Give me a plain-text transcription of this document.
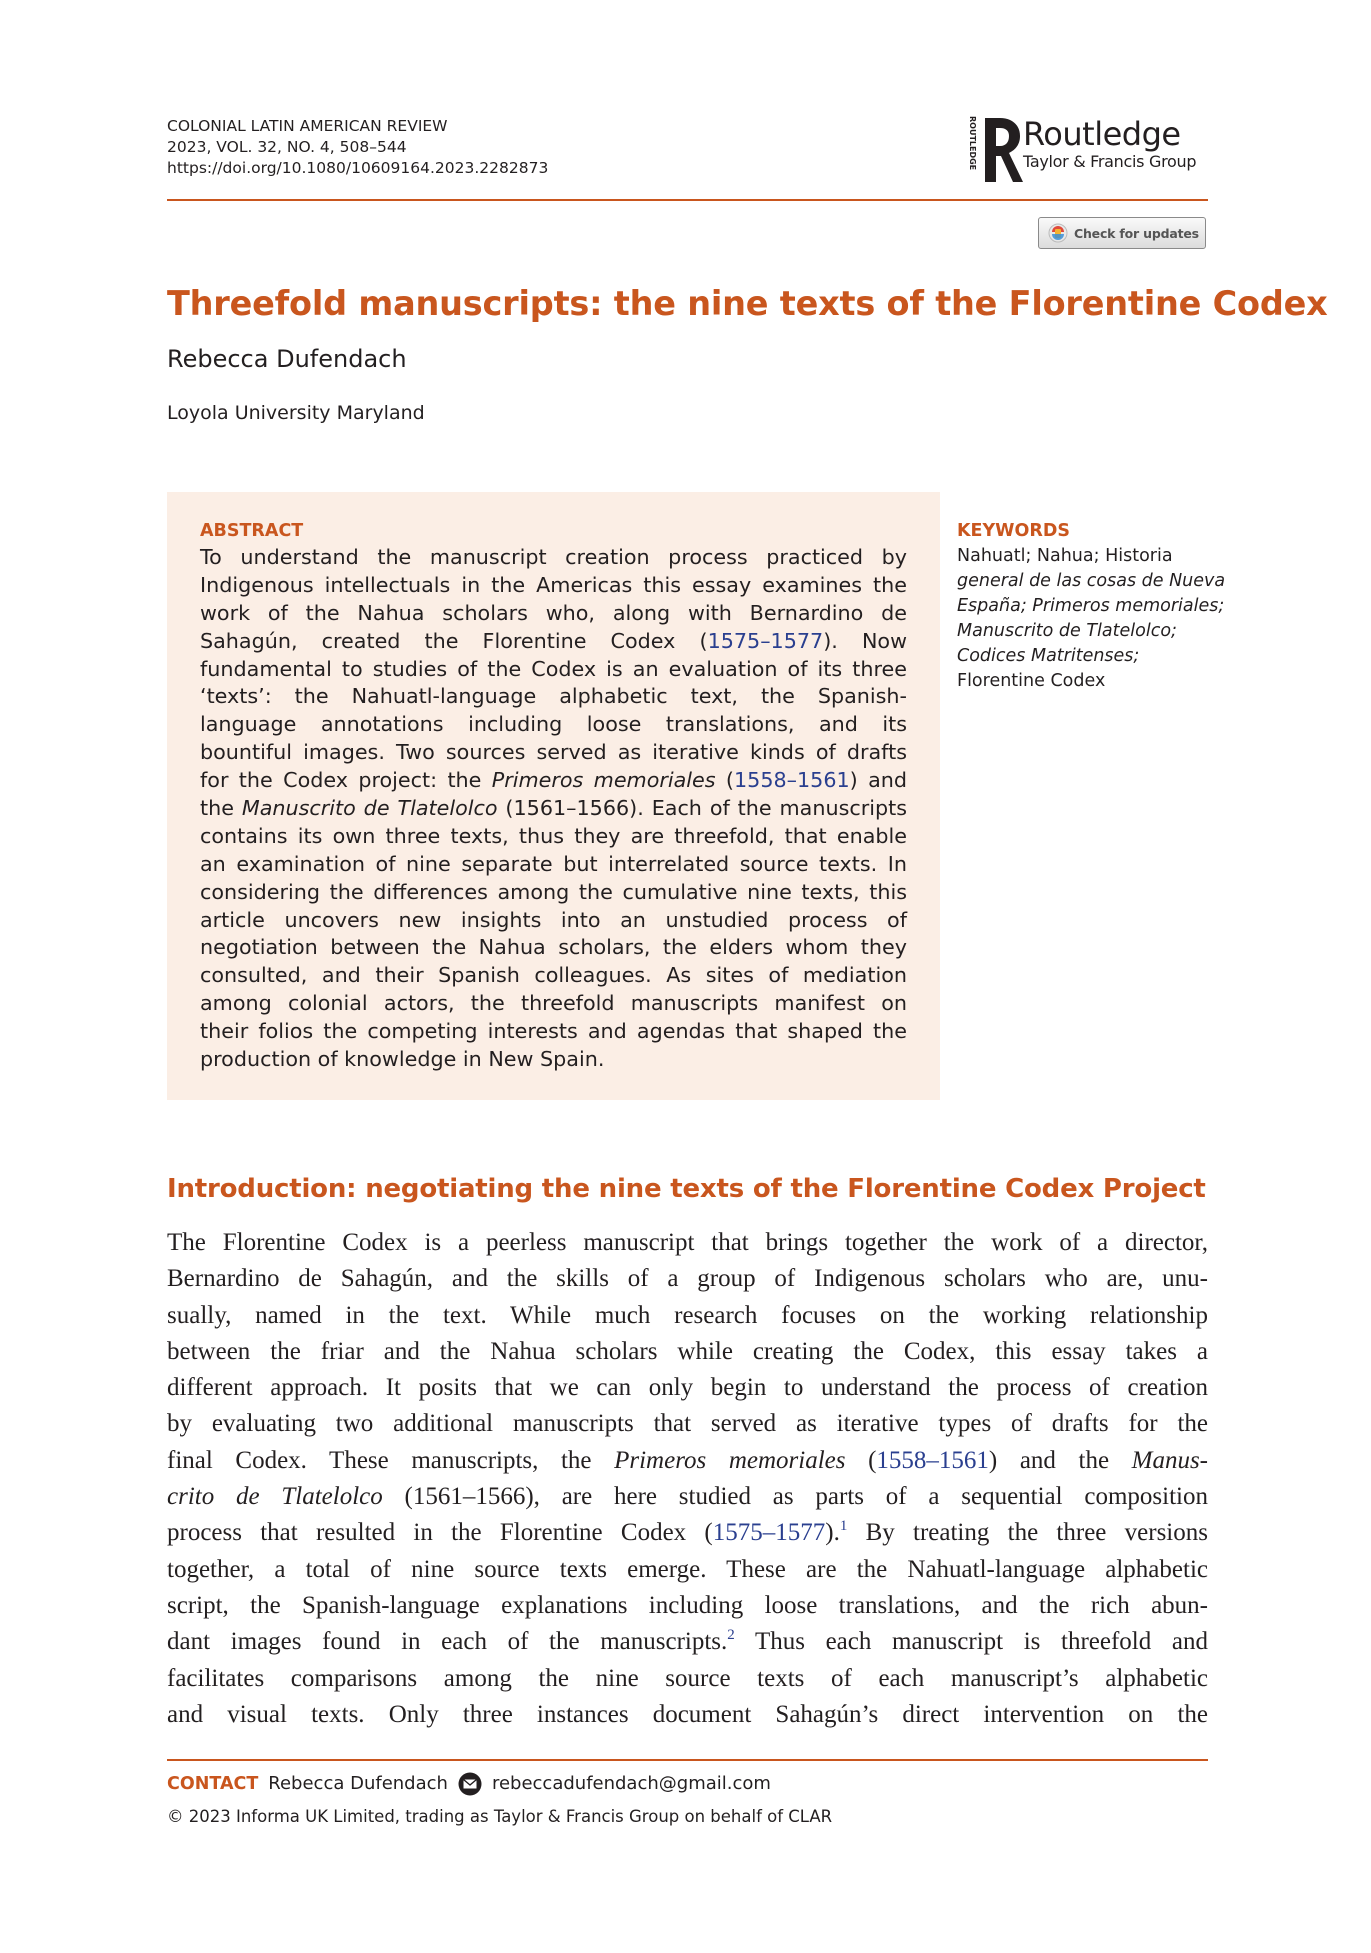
COLONIAL LATIN AMERICAN REVIEW
2023, VOL. 32, NO. 4, 508–544
https://doi.org/10.1080/10609164.2023.2282873	ROUTLEDGE Routledge
Taylor & Francis Group
Check for updates
Threefold manuscripts: the nine texts of the Florentine Codex
Rebecca Dufendach
Loyola University Maryland
ABSTRACT
To understand the manuscript creation process practiced by
Indigenous intellectuals in the Americas this essay examines the
work of the Nahua scholars who, along with Bernardino de
Sahagún, created the Florentine Codex (1575–1577). Now
fundamental to studies of the Codex is an evaluation of its three
‘texts’: the Nahuatl-language alphabetic text, the Spanish-
language annotations including loose translations, and its
bountiful images. Two sources served as iterative kinds of drafts
for the Codex project: the Primeros memoriales (1558–1561) and
the Manuscrito de Tlatelolco (1561–1566). Each of the manuscripts
contains its own three texts, thus they are threefold, that enable
an examination of nine separate but interrelated source texts. In
considering the differences among the cumulative nine texts, this
article uncovers new insights into an unstudied process of
negotiation between the Nahua scholars, the elders whom they
consulted, and their Spanish colleagues. As sites of mediation
among colonial actors, the threefold manuscripts manifest on
their folios the competing interests and agendas that shaped the
production of knowledge in New Spain.
KEYWORDS
Nahuatl; Nahua; Historia
general de las cosas de Nueva
España; Primeros memoriales;
Manuscrito de Tlatelolco;
Codices Matritenses;
Florentine Codex
Introduction: negotiating the nine texts of the Florentine Codex Project
The Florentine Codex is a peerless manuscript that brings together the work of a director,
Bernardino de Sahagún, and the skills of a group of Indigenous scholars who are, unu-
sually, named in the text. While much research focuses on the working relationship
between the friar and the Nahua scholars while creating the Codex, this essay takes a
different approach. It posits that we can only begin to understand the process of creation
by evaluating two additional manuscripts that served as iterative types of drafts for the
final Codex. These manuscripts, the Primeros memoriales (1558–1561) and the Manus-
crito de Tlatelolco (1561–1566), are here studied as parts of a sequential composition
process that resulted in the Florentine Codex (1575–1577).$^1$ By treating the three versions
together, a total of nine source texts emerge. These are the Nahuatl-language alphabetic
script, the Spanish-language explanations including loose translations, and the rich abun-
dant images found in each of the manuscripts.$^2$ Thus each manuscript is threefold and
facilitates comparisons among the nine source texts of each manuscript’s alphabetic
and visual texts. Only three instances document Sahagún’s direct intervention on the
CONTACT Rebecca Dufendach rebeccadufendach@gmail.com
© 2023 Informa UK Limited, trading as Taylor & Francis Group on behalf of CLAR
